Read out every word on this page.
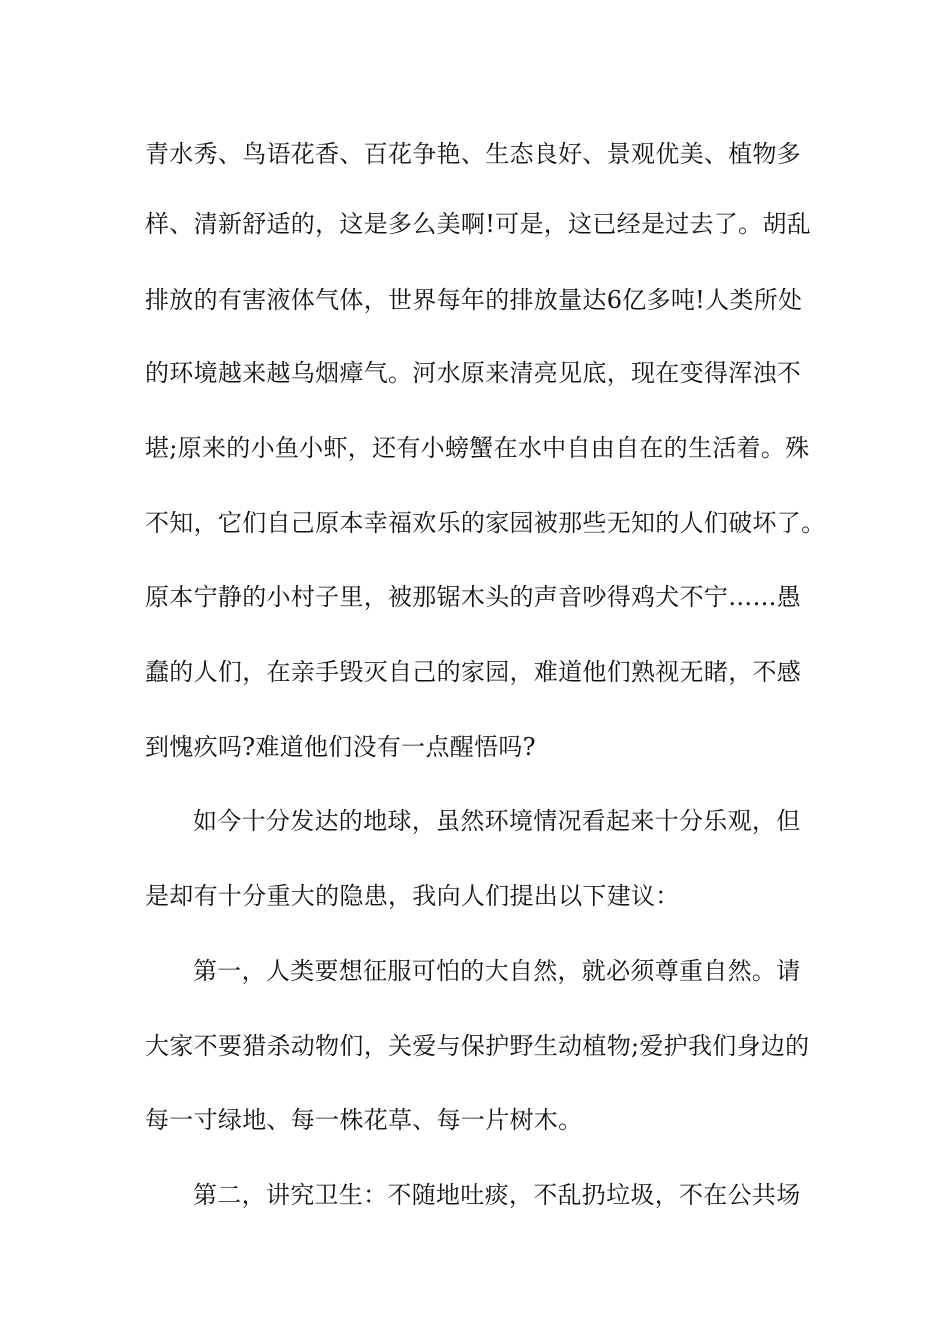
青水秀、鸟语花香、百花争艳、生态良好、景观优美、植物多
样、清新舒适的，这是多么美啊!可是，这已经是过去了。胡乱
排放的有害液体气体，世界每年的排放量达6亿多吨!人类所处
的环境越来越乌烟瘴气。河水原来清亮见底，现在变得浑浊不
堪;原来的小鱼小虾，还有小螃蟹在水中自由自在的生活着。殊
不知，它们自己原本幸福欢乐的家园被那些无知的人们破坏了。
原本宁静的小村子里，被那锯木头的声音吵得鸡犬不宁……愚
蠢的人们，在亲手毁灭自己的家园，难道他们熟视无睹，不感
到愧疚吗?难道他们没有一点醒悟吗?
如今十分发达的地球，虽然环境情况看起来十分乐观，但
是却有十分重大的隐患，我向人们提出以下建议：
第一，人类要想征服可怕的大自然，就必须尊重自然。请
大家不要猎杀动物们，关爱与保护野生动植物;爱护我们身边的
每一寸绿地、每一株花草、每一片树木。
第二，讲究卫生：不随地吐痰，不乱扔垃圾，不在公共场
